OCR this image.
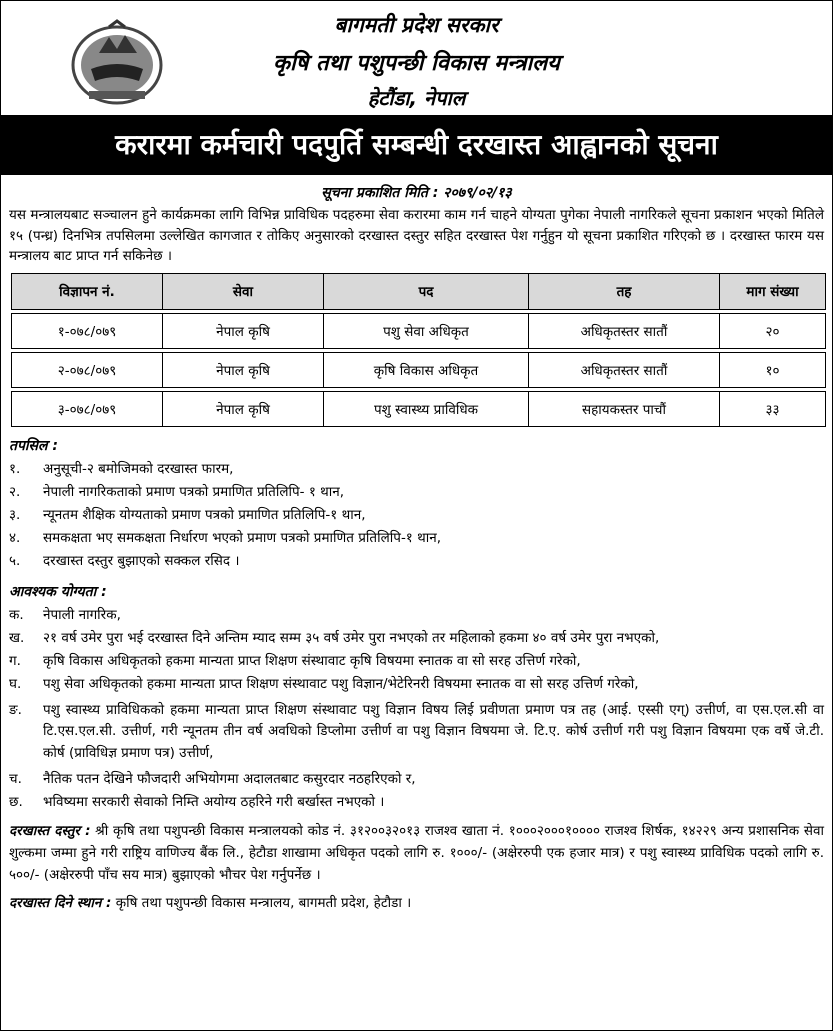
बागमती प्रदेश सरकार
कृषि तथा पशुपन्छी विकास मन्त्रालय
हेटौंडा, नेपाल
करारमा कर्मचारी पदपुर्ति सम्बन्धी दरखास्त आह्वानको सूचना
सूचना प्रकाशित मिति : २०७९/०२/१३
यस मन्त्रालयबाट सञ्चालन हुने कार्यक्रमका लागि विभिन्न प्राविधिक पदहरुमा सेवा करारमा काम गर्न चाहने योग्यता पुगेका नेपाली नागरिकले सूचना प्रकाशन भएको मितिले १५ (पन्ध्र) दिनभित्र तपसिलमा उल्लेखित कागजात र तोकिए अनुसारको दरखास्त दस्तुर सहित दरखास्त पेश गर्नुहुन यो सूचना प्रकाशित गरिएको छ । दरखास्त फारम यस मन्त्रालय बाट प्राप्त गर्न सकिनेछ ।
विज्ञापन नं.	सेवा	पद	तह	माग संख्या

१-०७८/०७९	नेपाल कृषि	पशु सेवा अधिकृत	अधिकृतस्तर सातौं	२०

२-०७८/०७९	नेपाल कृषि	कृषि विकास अधिकृत	अधिकृतस्तर सातौं	१०

३-०७८/०७९	नेपाल कृषि	पशु स्वास्थ्य प्राविधिक	सहायकस्तर पाचौं	३३
तपसिल :
१.	अनुसूची-२ बमोजिमको दरखास्त फारम,
२.	नेपाली नागरिकताको प्रमाण पत्रको प्रमाणित प्रतिलिपि- १ थान,
३.	न्यूनतम शैक्षिक योग्यताको प्रमाण पत्रको प्रमाणित प्रतिलिपि-१ थान,
४.	समकक्षता भए समकक्षता निर्धारण भएको प्रमाण पत्रको प्रमाणित प्रतिलिपि-१ थान,
५.	दरखास्त दस्तुर बुझाएको सक्कल रसिद ।
आवश्यक योग्यता :
क.	नेपाली नागरिक,
ख.	२१ वर्ष उमेर पुरा भई दरखास्त दिने अन्तिम म्याद सम्म ३५ वर्ष उमेर पुरा नभएको तर महिलाको हकमा ४० वर्ष उमेर पुरा नभएको,
ग.	कृषि विकास अधिकृतको हकमा मान्यता प्राप्त शिक्षण संस्थावाट कृषि विषयमा स्नातक वा सो सरह उत्तिर्ण गरेको,
घ.	पशु सेवा अधिकृतको हकमा मान्यता प्राप्त शिक्षण संस्थावाट पशु विज्ञान/भेटेरिनरी विषयमा स्नातक वा सो सरह उत्तिर्ण गरेको,
ङ.	पशु स्वास्थ्य प्राविधिकको हकमा मान्यता प्राप्त शिक्षण संस्थावाट पशु विज्ञान विषय लिई प्रवीणता प्रमाण पत्र तह (आई. एस्सी एग्) उत्तीर्ण, वा एस.एल.सी वा टि.एस.एल.सी. उत्तीर्ण, गरी न्यूनतम तीन वर्ष अवधिको डिप्लोमा उत्तीर्ण वा पशु विज्ञान विषयमा जे. टि.ए. कोर्ष उत्तीर्ण गरी पशु विज्ञान विषयमा एक वर्षे जे.टी. कोर्ष (प्राविधिज्ञ प्रमाण पत्र) उत्तीर्ण,
च.	नैतिक पतन देखिने फौजदारी अभियोगमा अदालतबाट कसुरदार नठहरिएको र,
छ.	भविष्यमा सरकारी सेवाको निम्ति अयोग्य ठहरिने गरी बर्खास्त नभएको ।
दरखास्त दस्तुर : श्री कृषि तथा पशुपन्छी विकास मन्त्रालयको कोड नं. ३१२००३२०१३ राजश्व खाता नं. १०००२०००१०००० राजश्व शिर्षक, १४२२९ अन्य प्रशासनिक सेवा शुल्कमा जम्मा हुने गरी राष्ट्रिय वाणिज्य बैंक लि., हेटौडा शाखामा अधिकृत पदको लागि रु. १०००/- (अक्षेररुपी एक हजार मात्र) र पशु स्वास्थ्य प्राविधिक पदको लागि रु. ५००/- (अक्षेररुपी पाँच सय मात्र) बुझाएको भौचर पेश गर्नुपर्नेछ ।
दरखास्त दिने स्थान : कृषि तथा पशुपन्छी विकास मन्त्रालय, बागमती प्रदेश, हेटौडा ।
